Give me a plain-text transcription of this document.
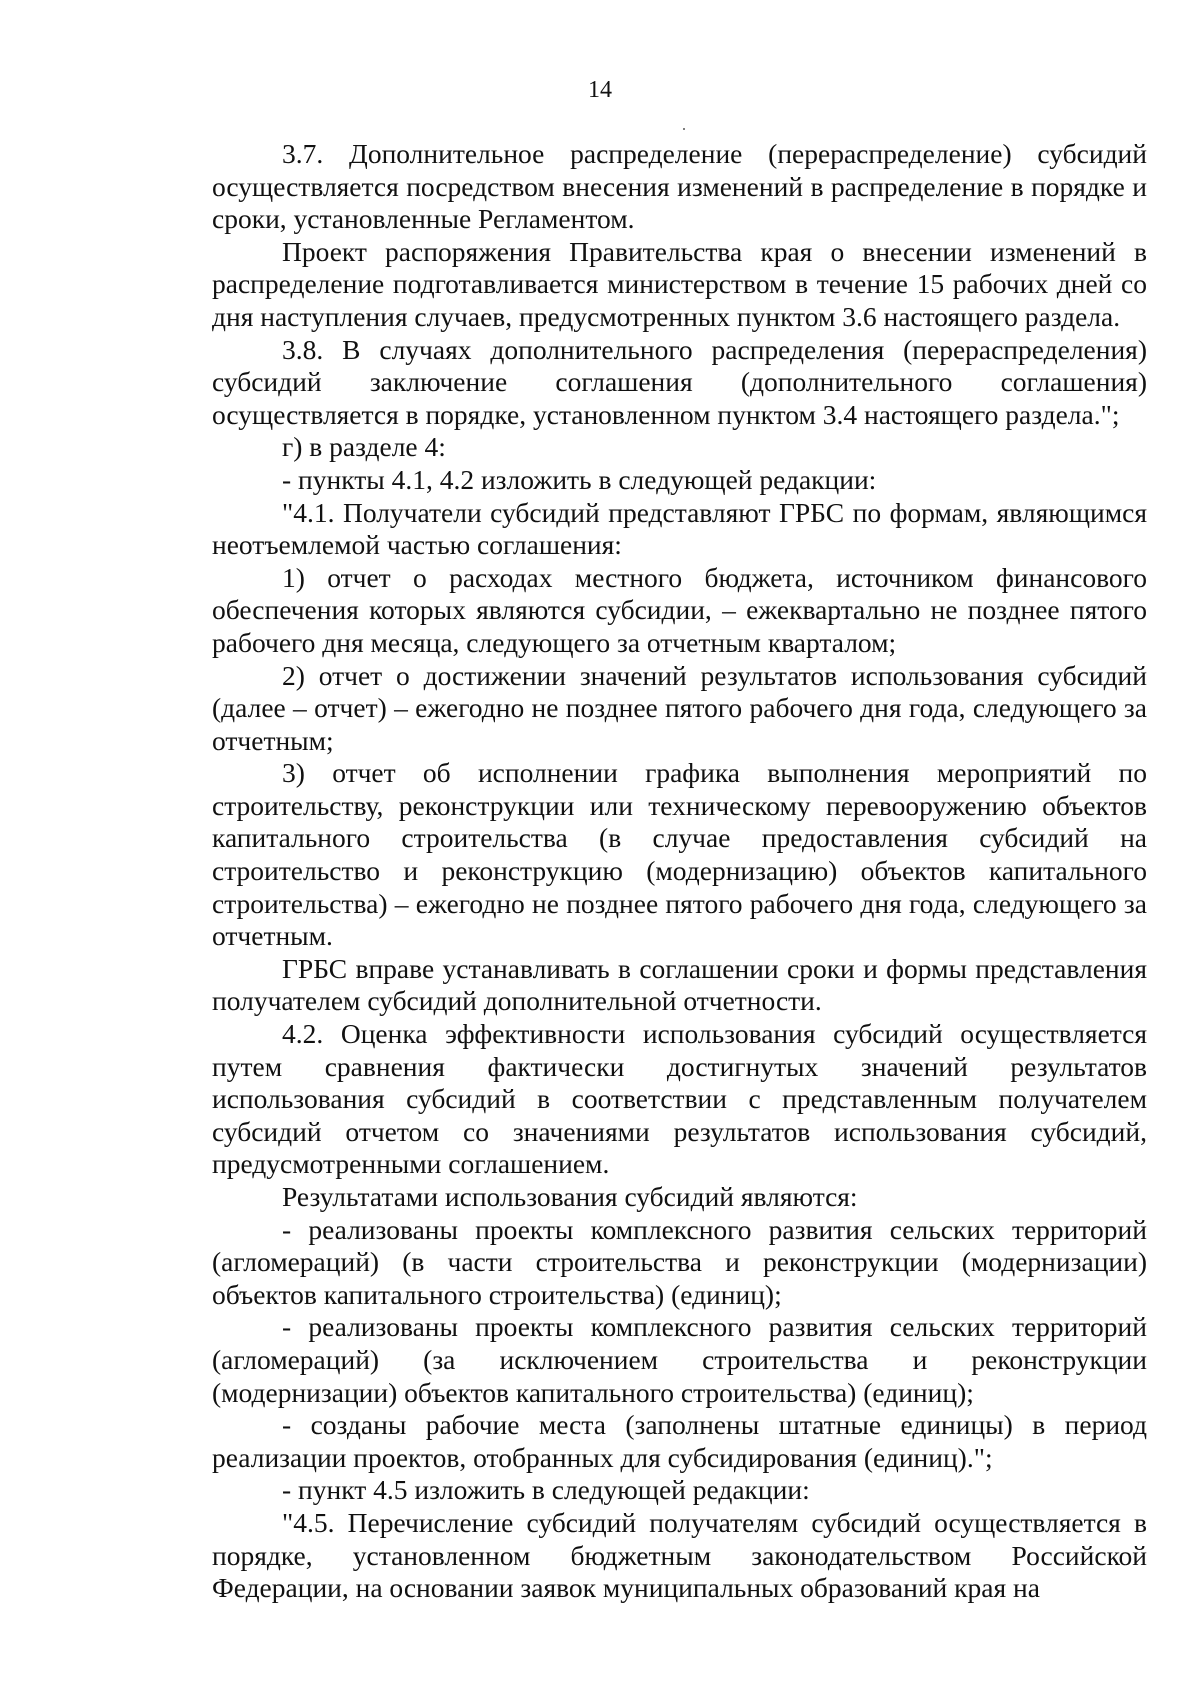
14

3.7. Дополнительное распределение (перераспределение) субсидий осуществляется посредством внесения изменений в распределение в порядке и сроки, установленные Регламентом.

Проект распоряжения Правительства края о внесении изменений в распределение подготавливается министерством в течение 15 рабочих дней со дня наступления случаев, предусмотренных пунктом 3.6 настоящего раздела.

3.8. В случаях дополнительного распределения (перераспределения) субсидий заключение соглашения (дополнительного соглашения) осуществляется в порядке, установленном пунктом 3.4 настоящего раздела.";

г) в разделе 4:

- пункты 4.1, 4.2 изложить в следующей редакции:

"4.1. Получатели субсидий представляют ГРБС по формам, являющимся неотъемлемой частью соглашения:

1) отчет о расходах местного бюджета, источником финансового обеспечения которых являются субсидии, – ежеквартально не позднее пятого рабочего дня месяца, следующего за отчетным кварталом;

2) отчет о достижении значений результатов использования субсидий (далее – отчет) – ежегодно не позднее пятого рабочего дня года, следующего за отчетным;

3) отчет об исполнении графика выполнения мероприятий по строительству, реконструкции или техническому перевооружению объектов капитального строительства (в случае предоставления субсидий на строительство и реконструкцию (модернизацию) объектов капитального строительства) – ежегодно не позднее пятого рабочего дня года, следующего за отчетным.

ГРБС вправе устанавливать в соглашении сроки и формы представления получателем субсидий дополнительной отчетности.

4.2. Оценка эффективности использования субсидий осуществляется путем сравнения фактически достигнутых значений результатов использования субсидий в соответствии с представленным получателем субсидий отчетом со значениями результатов использования субсидий, предусмотренными соглашением.

Результатами использования субсидий являются:

- реализованы проекты комплексного развития сельских территорий (агломераций) (в части строительства и реконструкции (модернизации) объектов капитального строительства) (единиц);

- реализованы проекты комплексного развития сельских территорий (агломераций) (за исключением строительства и реконструкции (модернизации) объектов капитального строительства) (единиц);

- созданы рабочие места (заполнены штатные единицы) в период реализации проектов, отобранных для субсидирования (единиц).";

- пункт 4.5 изложить в следующей редакции:

"4.5. Перечисление субсидий получателям субсидий осуществляется в порядке, установленном бюджетным законодательством Российской Федерации, на основании заявок муниципальных образований края на
